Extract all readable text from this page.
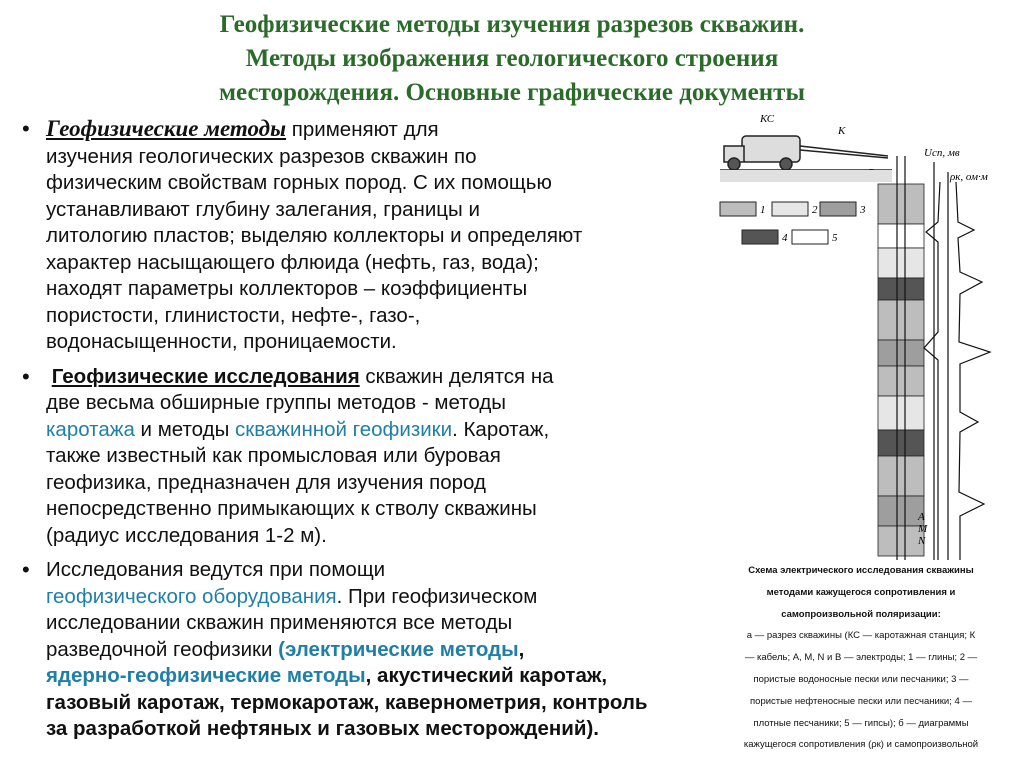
Геофизические методы изучения разрезов скважин.
Методы изображения геологического строения
месторождения. Основные графические документы
• Геофизические методы применяют для
изучения геологических разрезов скважин по
физическим свойствам горных пород. С их помощью
устанавливают глубину залегания, границы и
литологию пластов; выделяю коллекторы и определяют
характер насыщающего флюида (нефть, газ, вода);
находят параметры коллекторов – коэффициенты
пористости, глинистости, нефте-, газо-,
водонасыщенности, проницаемости.
• Геофизические исследования скважин делятся на
две весьма обширные группы методов - методы
каротажа и методы скважинной геофизики. Каротаж,
также известный как промысловая или буровая
геофизика, предназначен для изучения пород
непосредственно примыкающих к стволу скважины
(радиус исследования 1-2 м).
• Исследования ведутся при помощи
геофизического оборудования. При геофизическом
исследовании скважин применяются все методы
разведочной геофизики (электрические методы,
ядерно-геофизические методы, акустический каротаж,
газовый каротаж, термокаротаж, кавернометрия, контроль
за разработкой нефтяных и газовых месторождений).
КС
К
1	2	3
4	5
А
М
N
Uсп, мв
ρк, ом·м
Схема электрического исследования скважины
методами кажущегося сопротивления и
самопроизвольной поляризации:
а — разрез скважины (КС — каротажная станция; К
— кабель; А, М, N и В — электроды; 1 — глины; 2 —
пористые водоносные пески или песчаники; 3 —
пористые нефтеносные пески или песчаники; 4 —
плотные песчаники; 5 — гипсы); б — диаграммы
кажущегося сопротивления (ρк) и самопроизвольной
